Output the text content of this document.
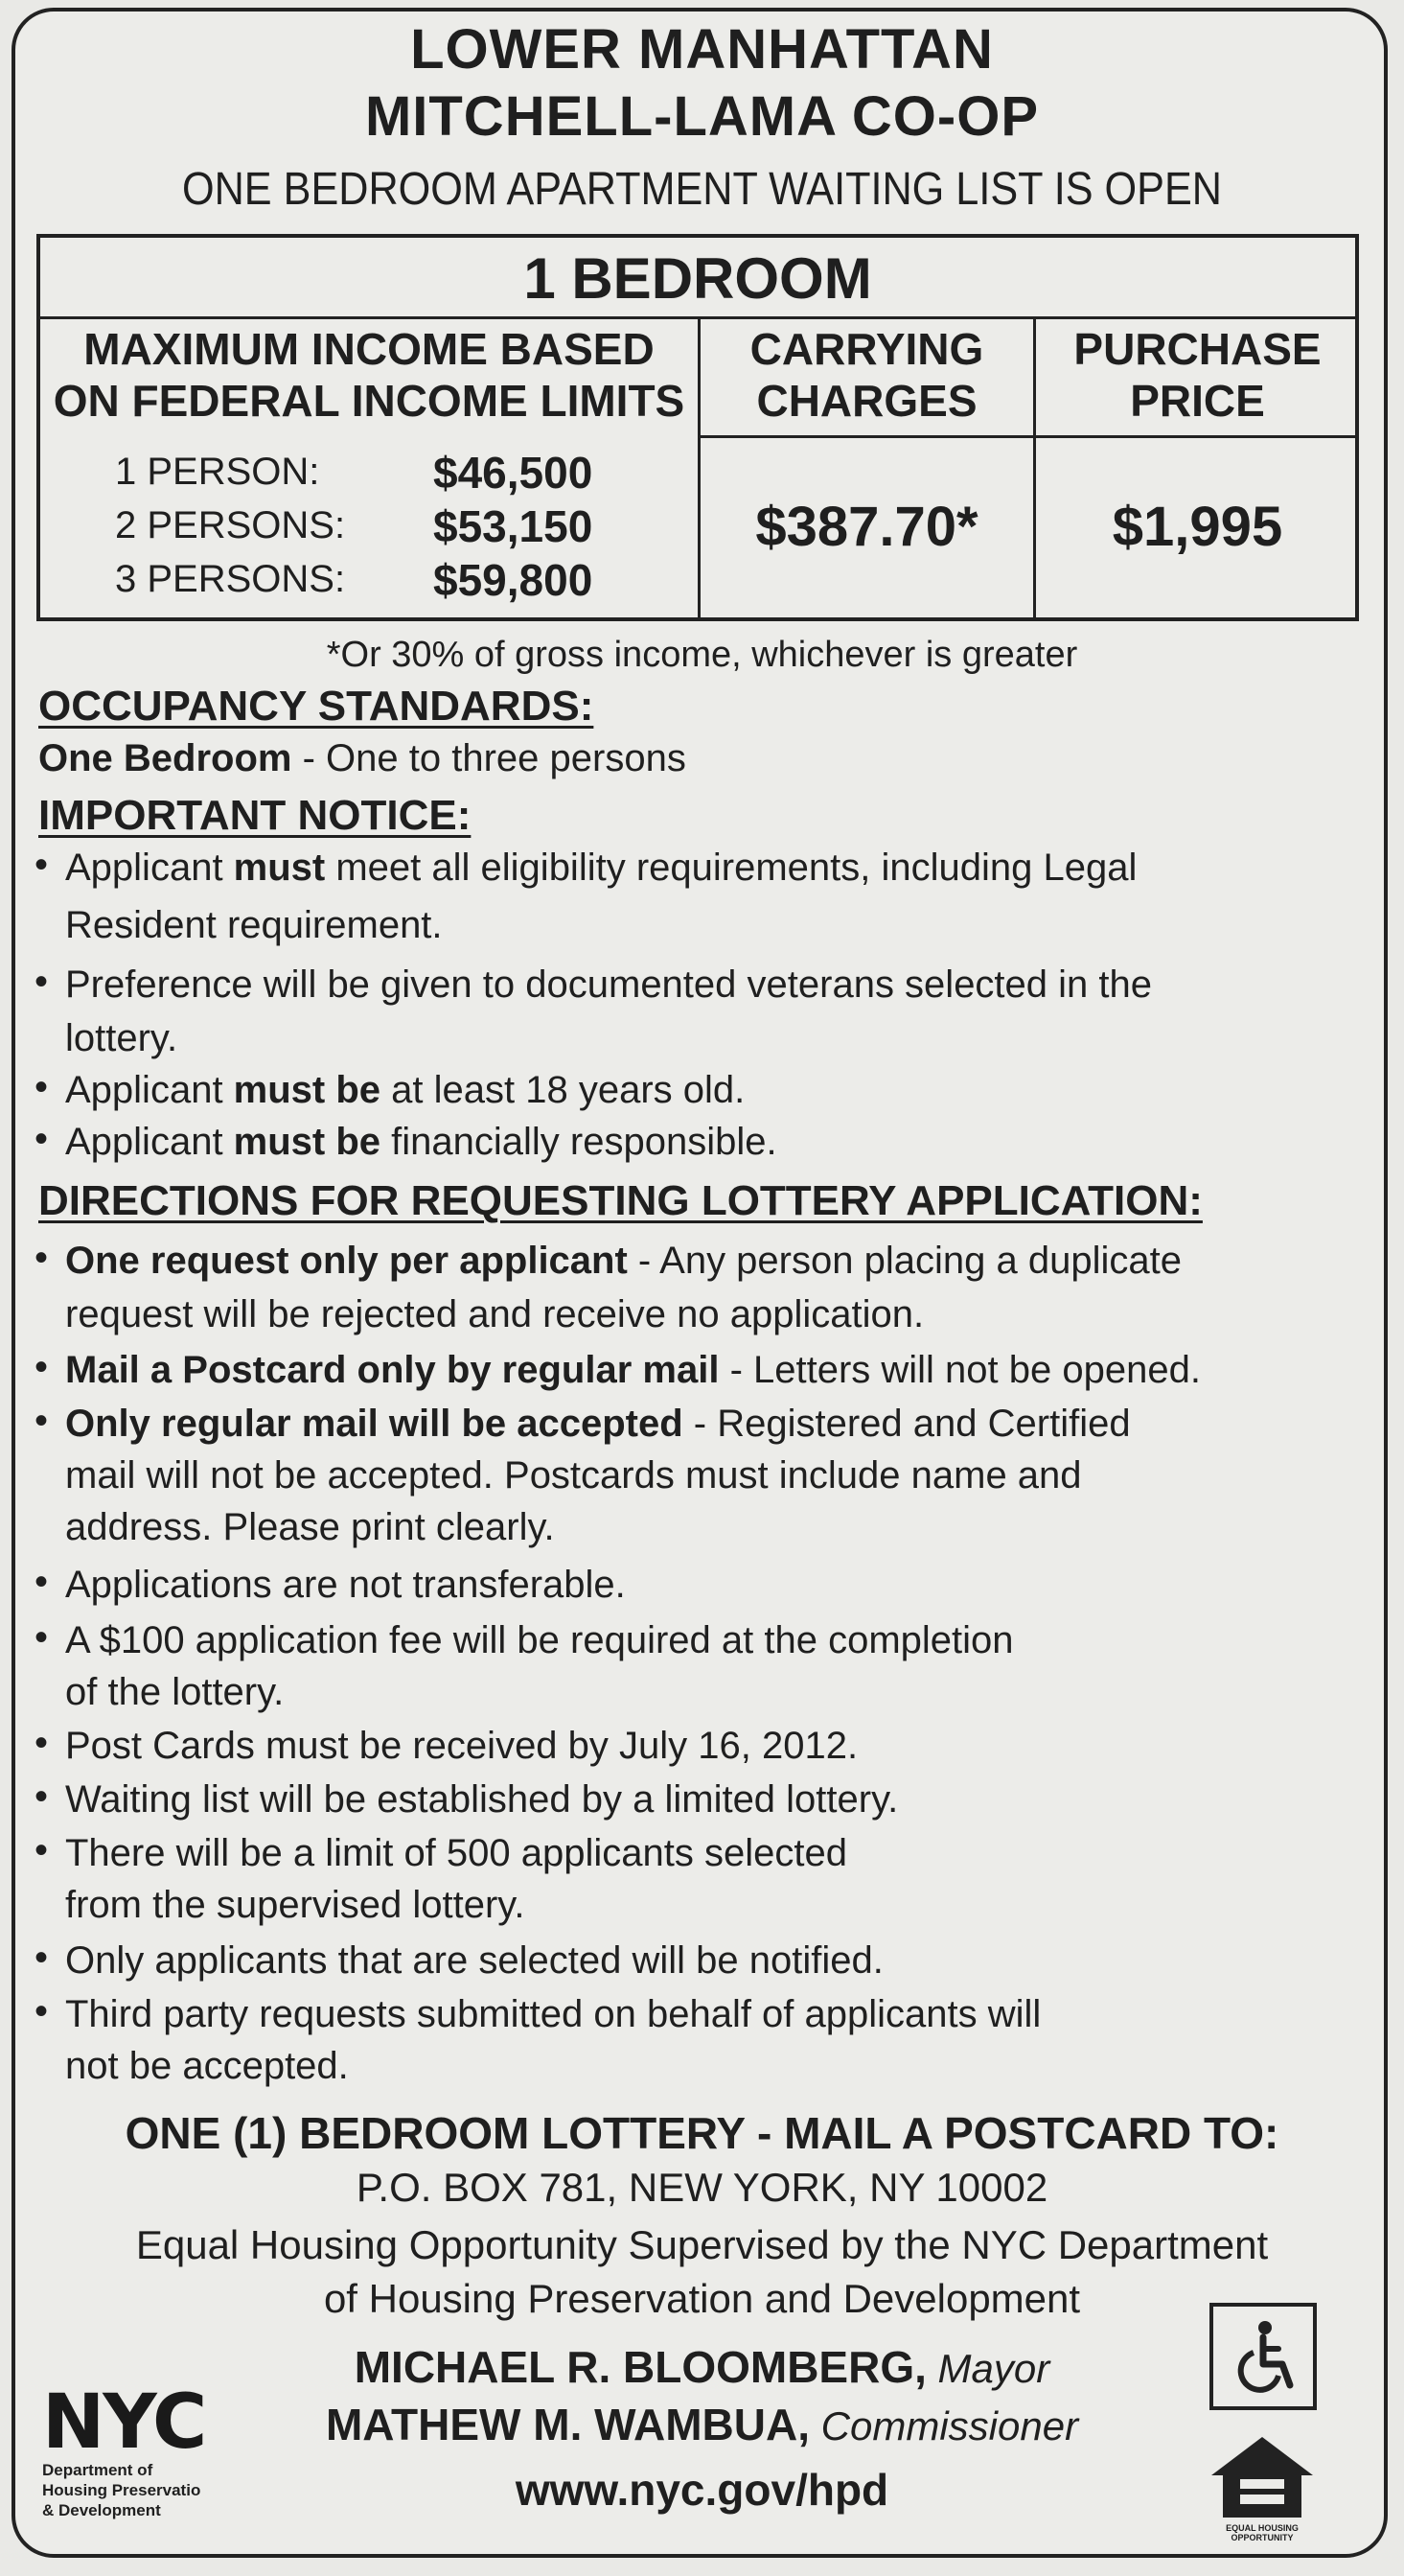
LOWER MANHATTAN
MITCHELL-LAMA CO-OP
ONE BEDROOM APARTMENT WAITING LIST IS OPEN
1 BEDROOM
MAXIMUM INCOME BASED
ON FEDERAL INCOME LIMITS
CARRYING
CHARGES
PURCHASE
PRICE
1 PERSON:	$46,500
2 PERSONS: $53,150
3 PERSONS: $59,800
$387.70*	$1,995
*Or 30% of gross income, whichever is greater
OCCUPANCY STANDARDS:
One Bedroom - One to three persons
IMPORTANT NOTICE:
• Applicant must meet all eligibility requirements, including Legal
Resident requirement.
• Preference will be given to documented veterans selected in the
lottery.
• Applicant must be at least 18 years old.
• Applicant must be financially responsible.
DIRECTIONS FOR REQUESTING LOTTERY APPLICATION:
• One request only per applicant - Any person placing a duplicate
request will be rejected and receive no application.
• Mail a Postcard only by regular mail - Letters will not be opened.
• Only regular mail will be accepted - Registered and Certified
mail will not be accepted. Postcards must include name and
address. Please print clearly.
• Applications are not transferable.
• A $100 application fee will be required at the completion
of the lottery.
• Post Cards must be received by July 16, 2012.
• Waiting list will be established by a limited lottery.
• There will be a limit of 500 applicants selected
from the supervised lottery.
• Only applicants that are selected will be notified.
• Third party requests submitted on behalf of applicants will
not be accepted.
ONE (1) BEDROOM LOTTERY - MAIL A POSTCARD TO:
P.O. BOX 781, NEW YORK, NY 10002
Equal Housing Opportunity Supervised by the NYC Department
of Housing Preservation and Development
MICHAEL R. BLOOMBERG, Mayor
MATHEW M. WAMBUA, Commissioner
www.nyc.gov/hpd
NYC
Department of
Housing Preservatio
& Development
EQUAL HOUSING
OPPORTUNITY
